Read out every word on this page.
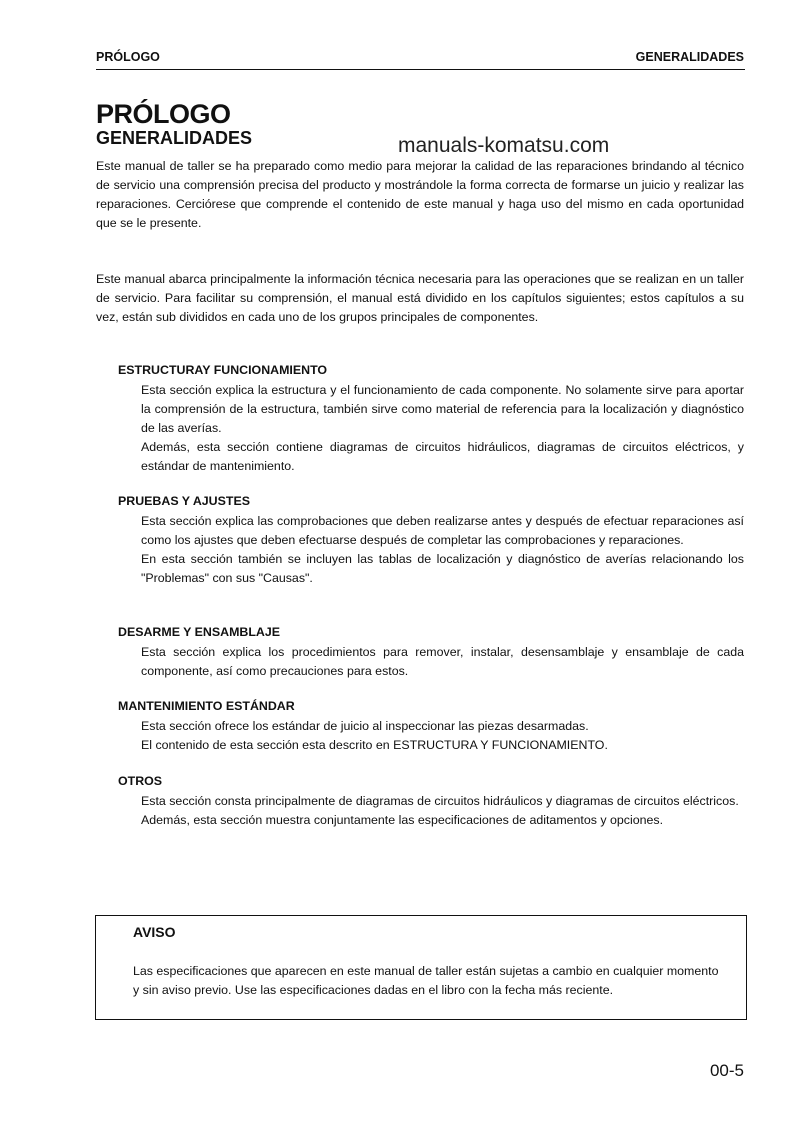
PRÓLOGO	GENERALIDADES
PRÓLOGO
GENERALIDADES	manuals-komatsu.com

Este manual de taller se ha preparado como medio para mejorar la calidad de las reparaciones brindando al técnico de servicio una comprensión precisa del producto y mostrándole la forma correcta de formarse un juicio y realizar las reparaciones. Cerciórese que comprende el contenido de este manual y haga uso del mismo en cada oportunidad que se le presente.

Este manual abarca principalmente la información técnica necesaria para las operaciones que se realizan en un taller de servicio. Para facilitar su comprensión, el manual está dividido en los capítulos siguientes; estos capítulos a su vez, están sub divididos en cada uno de los grupos principales de componentes.

ESTRUCTURAY FUNCIONAMIENTO

Esta sección explica la estructura y el funcionamiento de cada componente. No solamente sirve para aportar la comprensión de la estructura, también sirve como material de referencia para la localización y diagnóstico de las averías.

Además, esta sección contiene diagramas de circuitos hidráulicos, diagramas de circuitos eléctricos, y estándar de mantenimiento.

PRUEBAS Y AJUSTES

Esta sección explica las comprobaciones que deben realizarse antes y después de efectuar reparaciones así como los ajustes que deben efectuarse después de completar las comprobaciones y reparaciones.

En esta sección también se incluyen las tablas de localización y diagnóstico de averías relacionando los "Problemas" con sus "Causas".

DESARME Y ENSAMBLAJE

Esta sección explica los procedimientos para remover, instalar, desensamblaje y ensamblaje de cada componente, así como precauciones para estos.

MANTENIMIENTO ESTÁNDAR

Esta sección ofrece los estándar de juicio al inspeccionar las piezas desarmadas.

El contenido de esta sección esta descrito en ESTRUCTURA Y FUNCIONAMIENTO.

OTROS

Esta sección consta principalmente de diagramas de circuitos hidráulicos y diagramas de circuitos eléctricos.

Además, esta sección muestra conjuntamente las especificaciones de aditamentos y opciones.

AVISO

Las especificaciones que aparecen en este manual de taller están sujetas a cambio en cualquier momento y sin aviso previo. Use las especificaciones dadas en el libro con la fecha más reciente.

00-5
